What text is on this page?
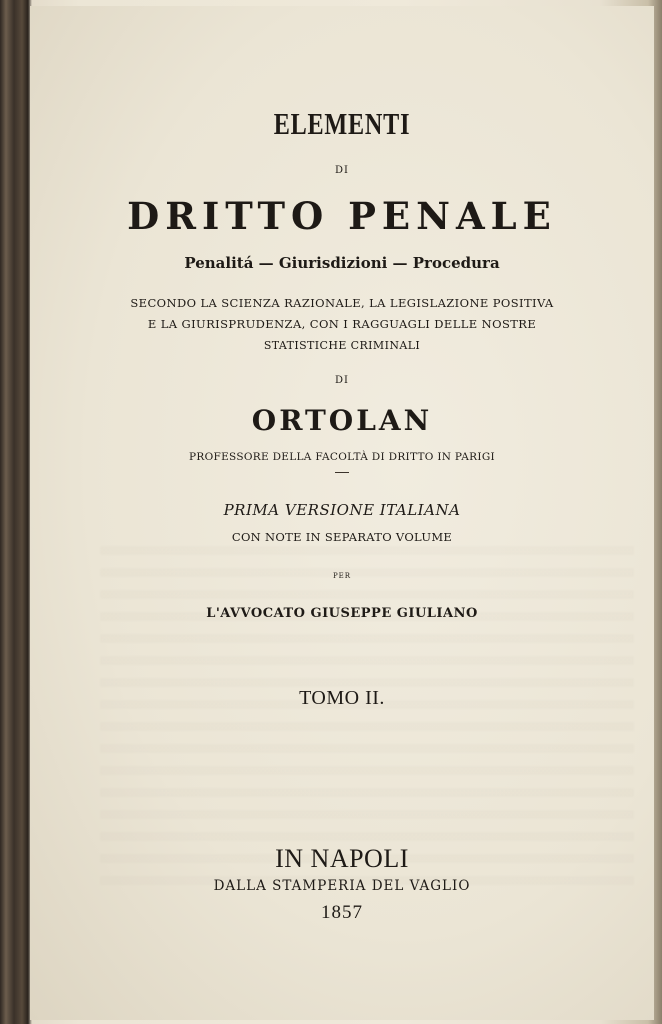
ELEMENTI
DI
DRITTO PENALE
Penalitá — Giurisdizioni — Procedura
SECONDO LA SCIENZA RAZIONALE, LA LEGISLAZIONE POSITIVA
E LA GIURISPRUDENZA, CON I RAGGUAGLI DELLE NOSTRE
STATISTICHE CRIMINALI
DI
ORTOLAN
PROFESSORE DELLA FACOLTÀ DI DRITTO IN PARIGI
PRIMA VERSIONE ITALIANA
CON NOTE IN SEPARATO VOLUME
PER
L'AVVOCATO GIUSEPPE GIULIANO
TOMO II.
IN NAPOLI
DALLA STAMPERIA DEL VAGLIO
1857
